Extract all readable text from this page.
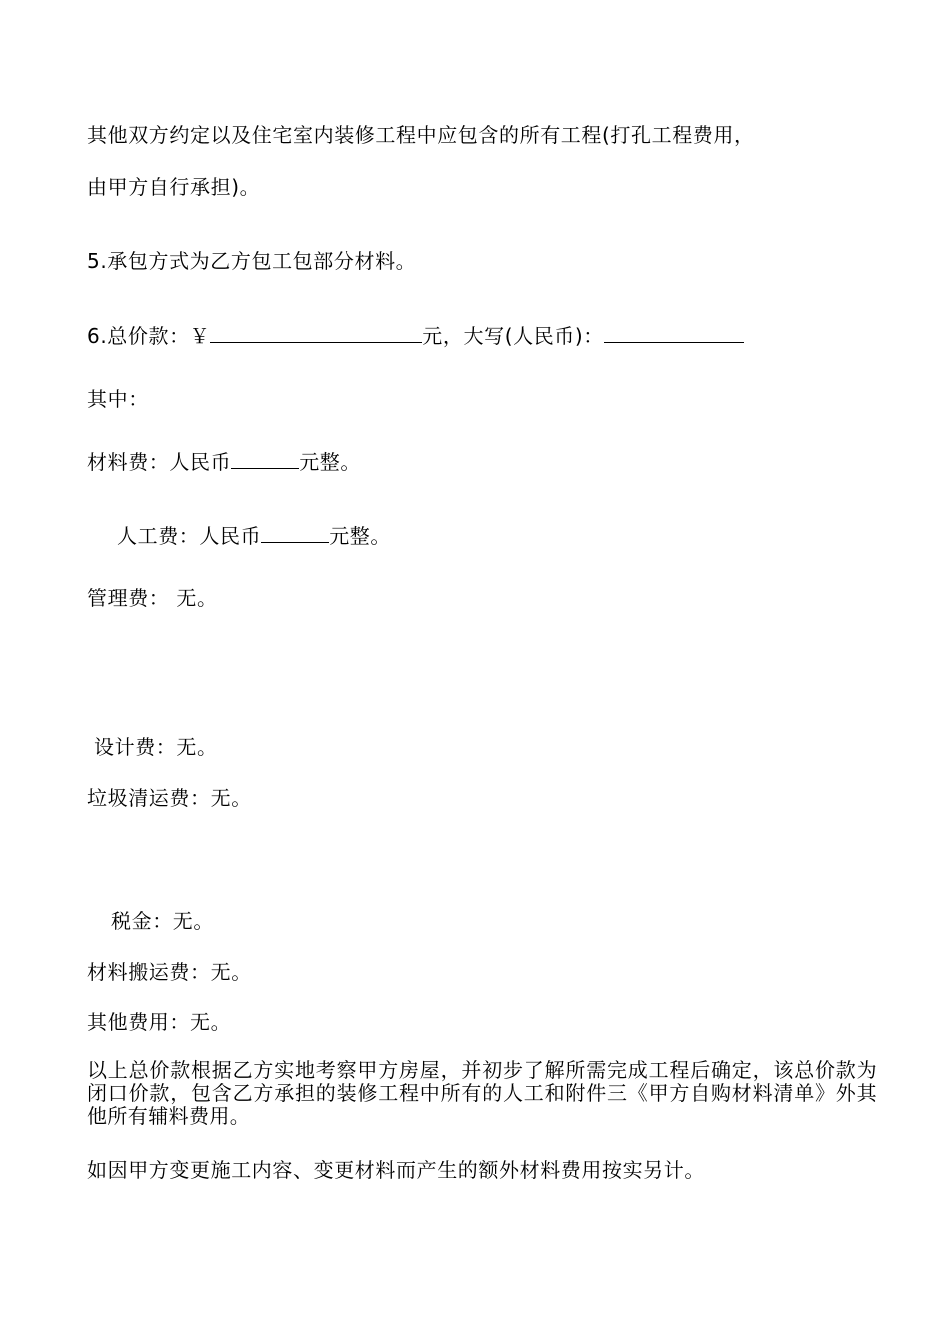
其他双方约定以及住宅室内装修工程中应包含的所有工程(打孔工程费用，
由甲方自行承担)。
5.承包方式为乙方包工包部分材料。
6.总价款：￥	元，大写(人民币)：
其中：
材料费：人民币	元整。
人工费：人民币	元整。
管理费： 无。
设计费：无。
垃圾清运费：无。
税金：无。
材料搬运费：无。
其他费用：无。
以上总价款根据乙方实地考察甲方房屋，并初步了解所需完成工程后确定，该总价款为闭口价款，包含乙方承担的装修工程中所有的人工和附件三《甲方自购材料清单》外其他所有辅料费用。
如因甲方变更施工内容、变更材料而产生的额外材料费用按实另计。
